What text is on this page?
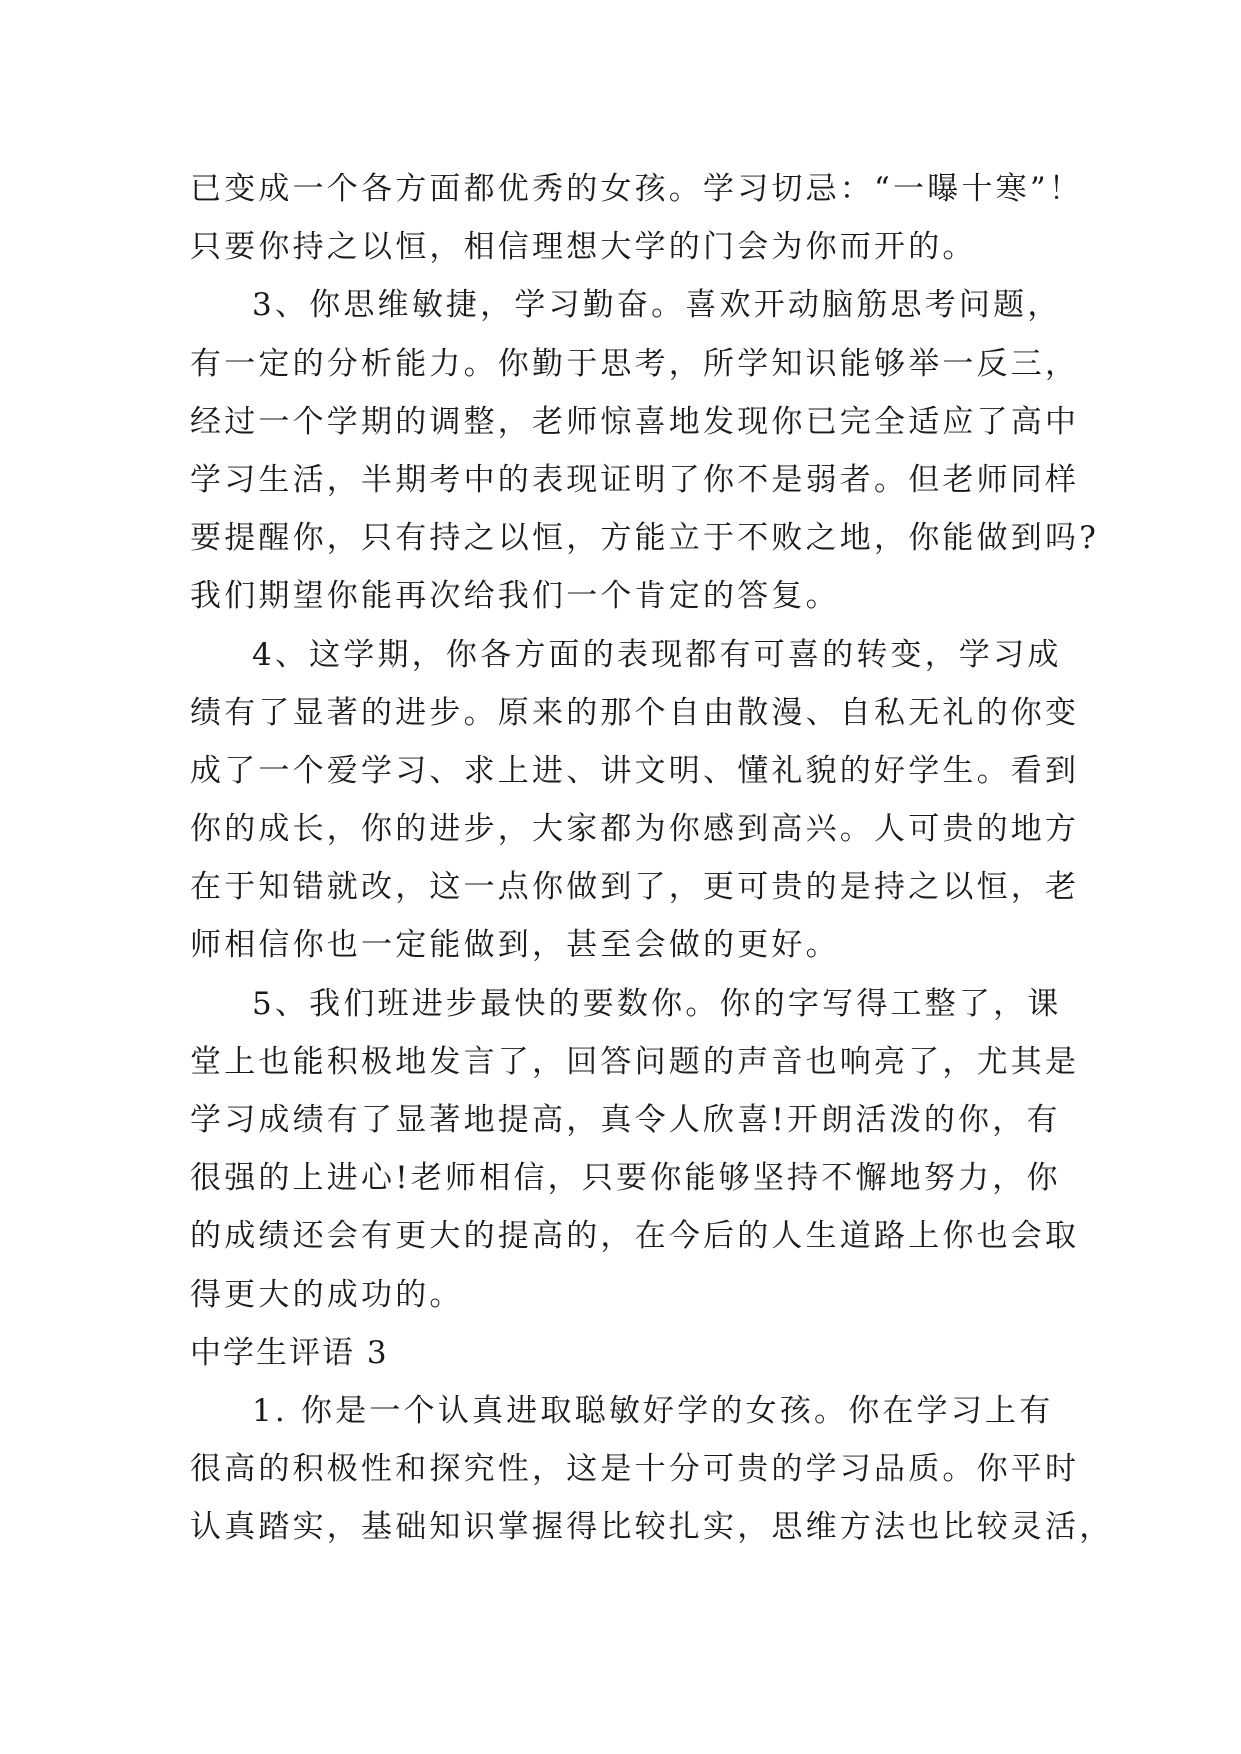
已变成一个各方面都优秀的女孩。学习切忌：“一曝十寒”！
只要你持之以恒，相信理想大学的门会为你而开的。
3、你思维敏捷，学习勤奋。喜欢开动脑筋思考问题，
有一定的分析能力。你勤于思考，所学知识能够举一反三，
经过一个学期的调整，老师惊喜地发现你已完全适应了高中
学习生活，半期考中的表现证明了你不是弱者。但老师同样
要提醒你，只有持之以恒，方能立于不败之地，你能做到吗?
我们期望你能再次给我们一个肯定的答复。
4、这学期，你各方面的表现都有可喜的转变，学习成
绩有了显著的进步。原来的那个自由散漫、自私无礼的你变
成了一个爱学习、求上进、讲文明、懂礼貌的好学生。看到
你的成长，你的进步，大家都为你感到高兴。人可贵的地方
在于知错就改，这一点你做到了，更可贵的是持之以恒，老
师相信你也一定能做到，甚至会做的更好。
5、我们班进步最快的要数你。你的字写得工整了，课
堂上也能积极地发言了，回答问题的声音也响亮了，尤其是
学习成绩有了显著地提高，真令人欣喜!开朗活泼的你，有
很强的上进心!老师相信，只要你能够坚持不懈地努力，你
的成绩还会有更大的提高的，在今后的人生道路上你也会取
得更大的成功的。
中学生评语 3
1. 你是一个认真进取聪敏好学的女孩。你在学习上有
很高的积极性和探究性，这是十分可贵的学习品质。你平时
认真踏实，基础知识掌握得比较扎实，思维方法也比较灵活，
